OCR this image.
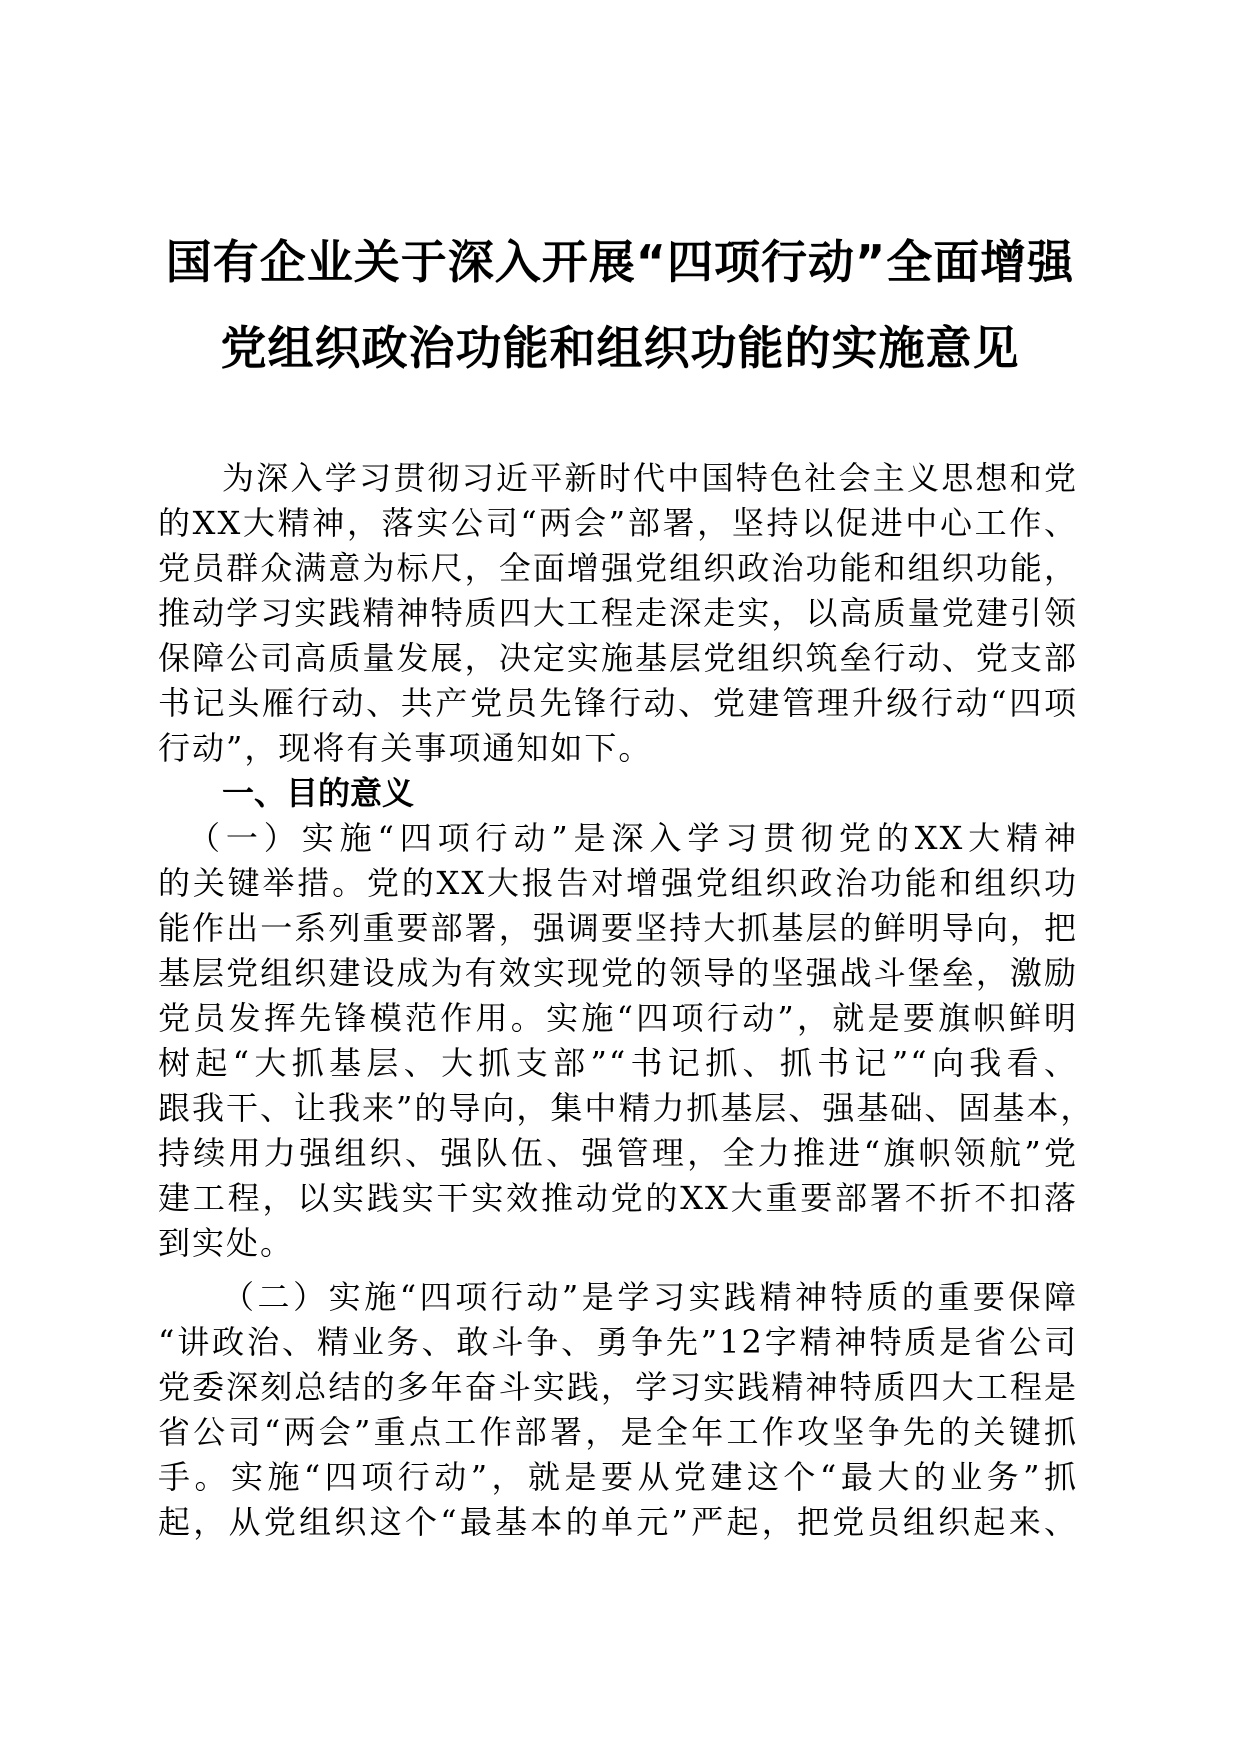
国有企业关于深入开展“四项行动”全面增强
党组织政治功能和组织功能的实施意见
为深入学习贯彻习近平新时代中国特色社会主义思想和党
的XX大精神，落实公司“两会”部署，坚持以促进中心工作、
党员群众满意为标尺，全面增强党组织政治功能和组织功能，
推动学习实践精神特质四大工程走深走实，以高质量党建引领
保障公司高质量发展，决定实施基层党组织筑垒行动、党支部
书记头雁行动、共产党员先锋行动、党建管理升级行动“四项
行动”，现将有关事项通知如下。
一、目的意义
（一）实施“四项行动”是深入学习贯彻党的XX大精神
的关键举措。党的XX大报告对增强党组织政治功能和组织功
能作出一系列重要部署，强调要坚持大抓基层的鲜明导向，把
基层党组织建设成为有效实现党的领导的坚强战斗堡垒，激励
党员发挥先锋模范作用。实施“四项行动”，就是要旗帜鲜明
树起“大抓基层、大抓支部”“书记抓、抓书记”“向我看、
跟我干、让我来”的导向，集中精力抓基层、强基础、固基本，
持续用力强组织、强队伍、强管理，全力推进“旗帜领航”党
建工程，以实践实干实效推动党的XX大重要部署不折不扣落
到实处。
（二）实施“四项行动”是学习实践精神特质的重要保障
“讲政治、精业务、敢斗争、勇争先”12字精神特质是省公司
党委深刻总结的多年奋斗实践，学习实践精神特质四大工程是
省公司“两会”重点工作部署，是全年工作攻坚争先的关键抓
手。实施“四项行动”，就是要从党建这个“最大的业务”抓
起，从党组织这个“最基本的单元”严起，把党员组织起来、
